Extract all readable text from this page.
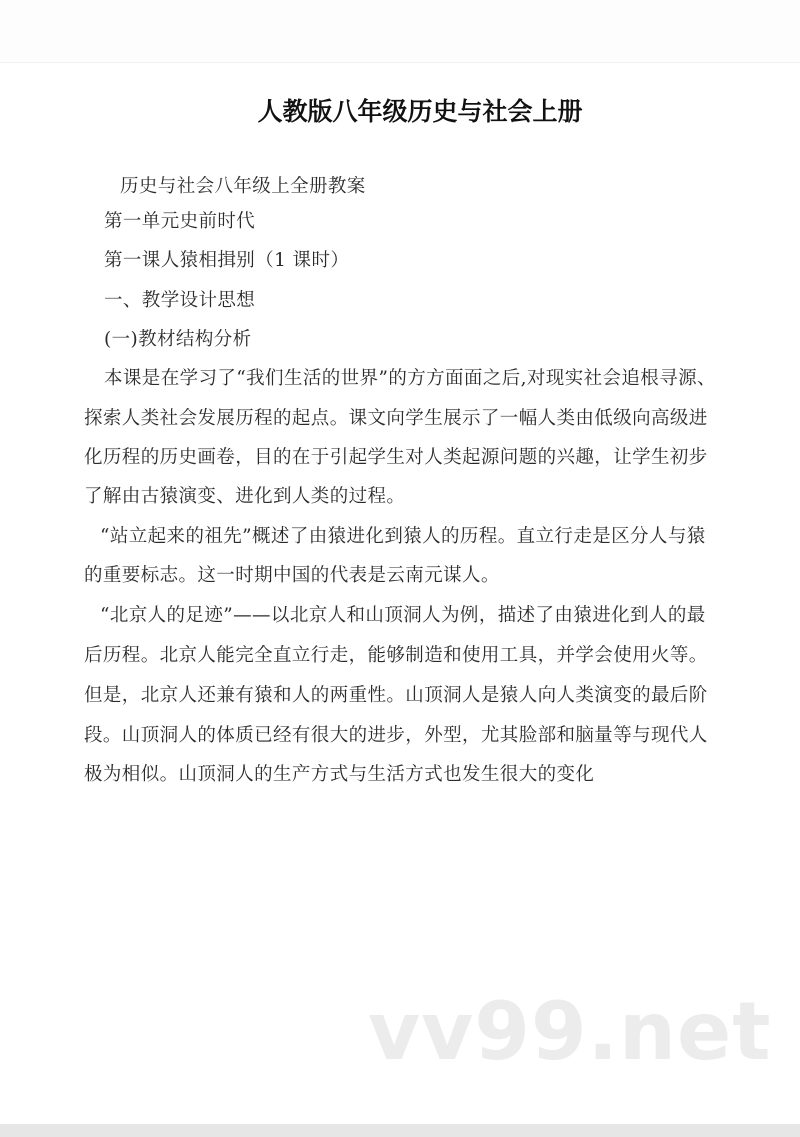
人教版八年级历史与社会上册
历史与社会八年级上全册教案
第一单元史前时代
第一课人猿相揖别（1 课时）
一、教学设计思想
(一)教材结构分析
本课是在学习了“我们生活的世界”的方方面面之后,对现实社会追根寻源、
探索人类社会发展历程的起点。课文向学生展示了一幅人类由低级向高级进
化历程的历史画卷，目的在于引起学生对人类起源问题的兴趣，让学生初步
了解由古猿演变、进化到人类的过程。
“站立起来的祖先”概述了由猿进化到猿人的历程。直立行走是区分人与猿
的重要标志。这一时期中国的代表是云南元谋人。
“北京人的足迹”——以北京人和山顶洞人为例，描述了由猿进化到人的最
后历程。北京人能完全直立行走，能够制造和使用工具，并学会使用火等。
但是，北京人还兼有猿和人的两重性。山顶洞人是猿人向人类演变的最后阶
段。山顶洞人的体质已经有很大的进步，外型，尤其脸部和脑量等与现代人
极为相似。山顶洞人的生产方式与生活方式也发生很大的变化
vv99.net
